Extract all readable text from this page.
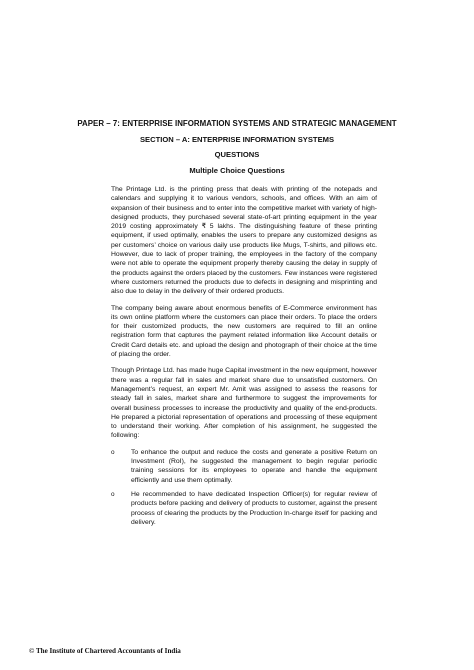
PAPER – 7: ENTERPRISE INFORMATION SYSTEMS AND STRATEGIC MANAGEMENT
SECTION – A: ENTERPRISE INFORMATION SYSTEMS
QUESTIONS
Multiple Choice Questions

The Printage Ltd. is the printing press that deals with printing of the notepads and calendars and supplying it to various vendors, schools, and offices. With an aim of expansion of their business and to enter into the competitive market with variety of high-designed products, they purchased several state-of-art printing equipment in the year 2019 costing approximately ₹ 5 lakhs. The distinguishing feature of these printing equipment, if used optimally, enables the users to prepare any customized designs as per customers’ choice on various daily use products like Mugs, T-shirts, and pillows etc. However, due to lack of proper training, the employees in the factory of the company were not able to operate the equipment properly thereby causing the delay in supply of the products against the orders placed by the customers. Few instances were registered where customers returned the products due to defects in designing and misprinting and also due to delay in the delivery of their ordered products.

The company being aware about enormous benefits of E-Commerce environment has its own online platform where the customers can place their orders. To place the orders for their customized products, the new customers are required to fill an online registration form that captures the payment related information like Account details or Credit Card details etc. and upload the design and photograph of their choice at the time of placing the order.

Though Printage Ltd. has made huge Capital investment in the new equipment, however there was a regular fall in sales and market share due to unsatisfied customers. On Management’s request, an expert Mr. Amit was assigned to assess the reasons for steady fall in sales, market share and furthermore to suggest the improvements for overall business processes to increase the productivity and quality of the end-products. He prepared a pictorial representation of operations and processing of these equipment to understand their working. After completion of his assignment, he suggested the following:

o To enhance the output and reduce the costs and generate a positive Return on Investment (RoI), he suggested the management to begin regular periodic training sessions for its employees to operate and handle the equipment efficiently and use them optimally.
o He recommended to have dedicated Inspection Officer(s) for regular review of products before packing and delivery of products to customer, against the present process of clearing the products by the Production In-charge itself for packing and delivery.
© The Institute of Chartered Accountants of India
